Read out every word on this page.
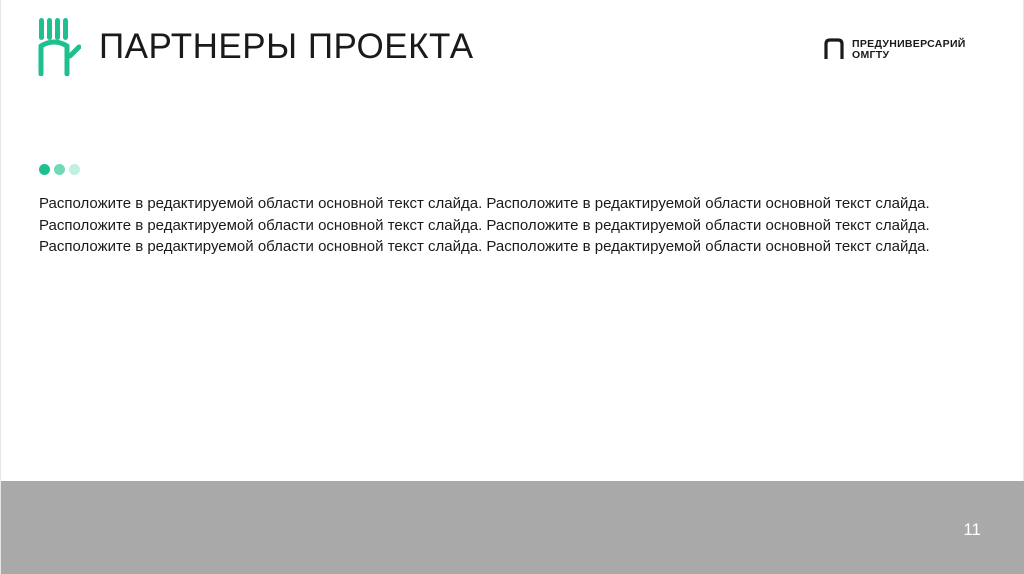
ПАРТНЕРЫ ПРОЕКТА	ПРЕДУНИВЕРСАРИЙ
ОМГТУ
Расположите в редактируемой области основной текст слайда. Расположите в редактируемой области основной текст слайда. Расположите в редактируемой области основной текст слайда. Расположите в редактируемой области основной текст слайда. Расположите в редактируемой области основной текст слайда. Расположите в редактируемой области основной текст слайда.
11
